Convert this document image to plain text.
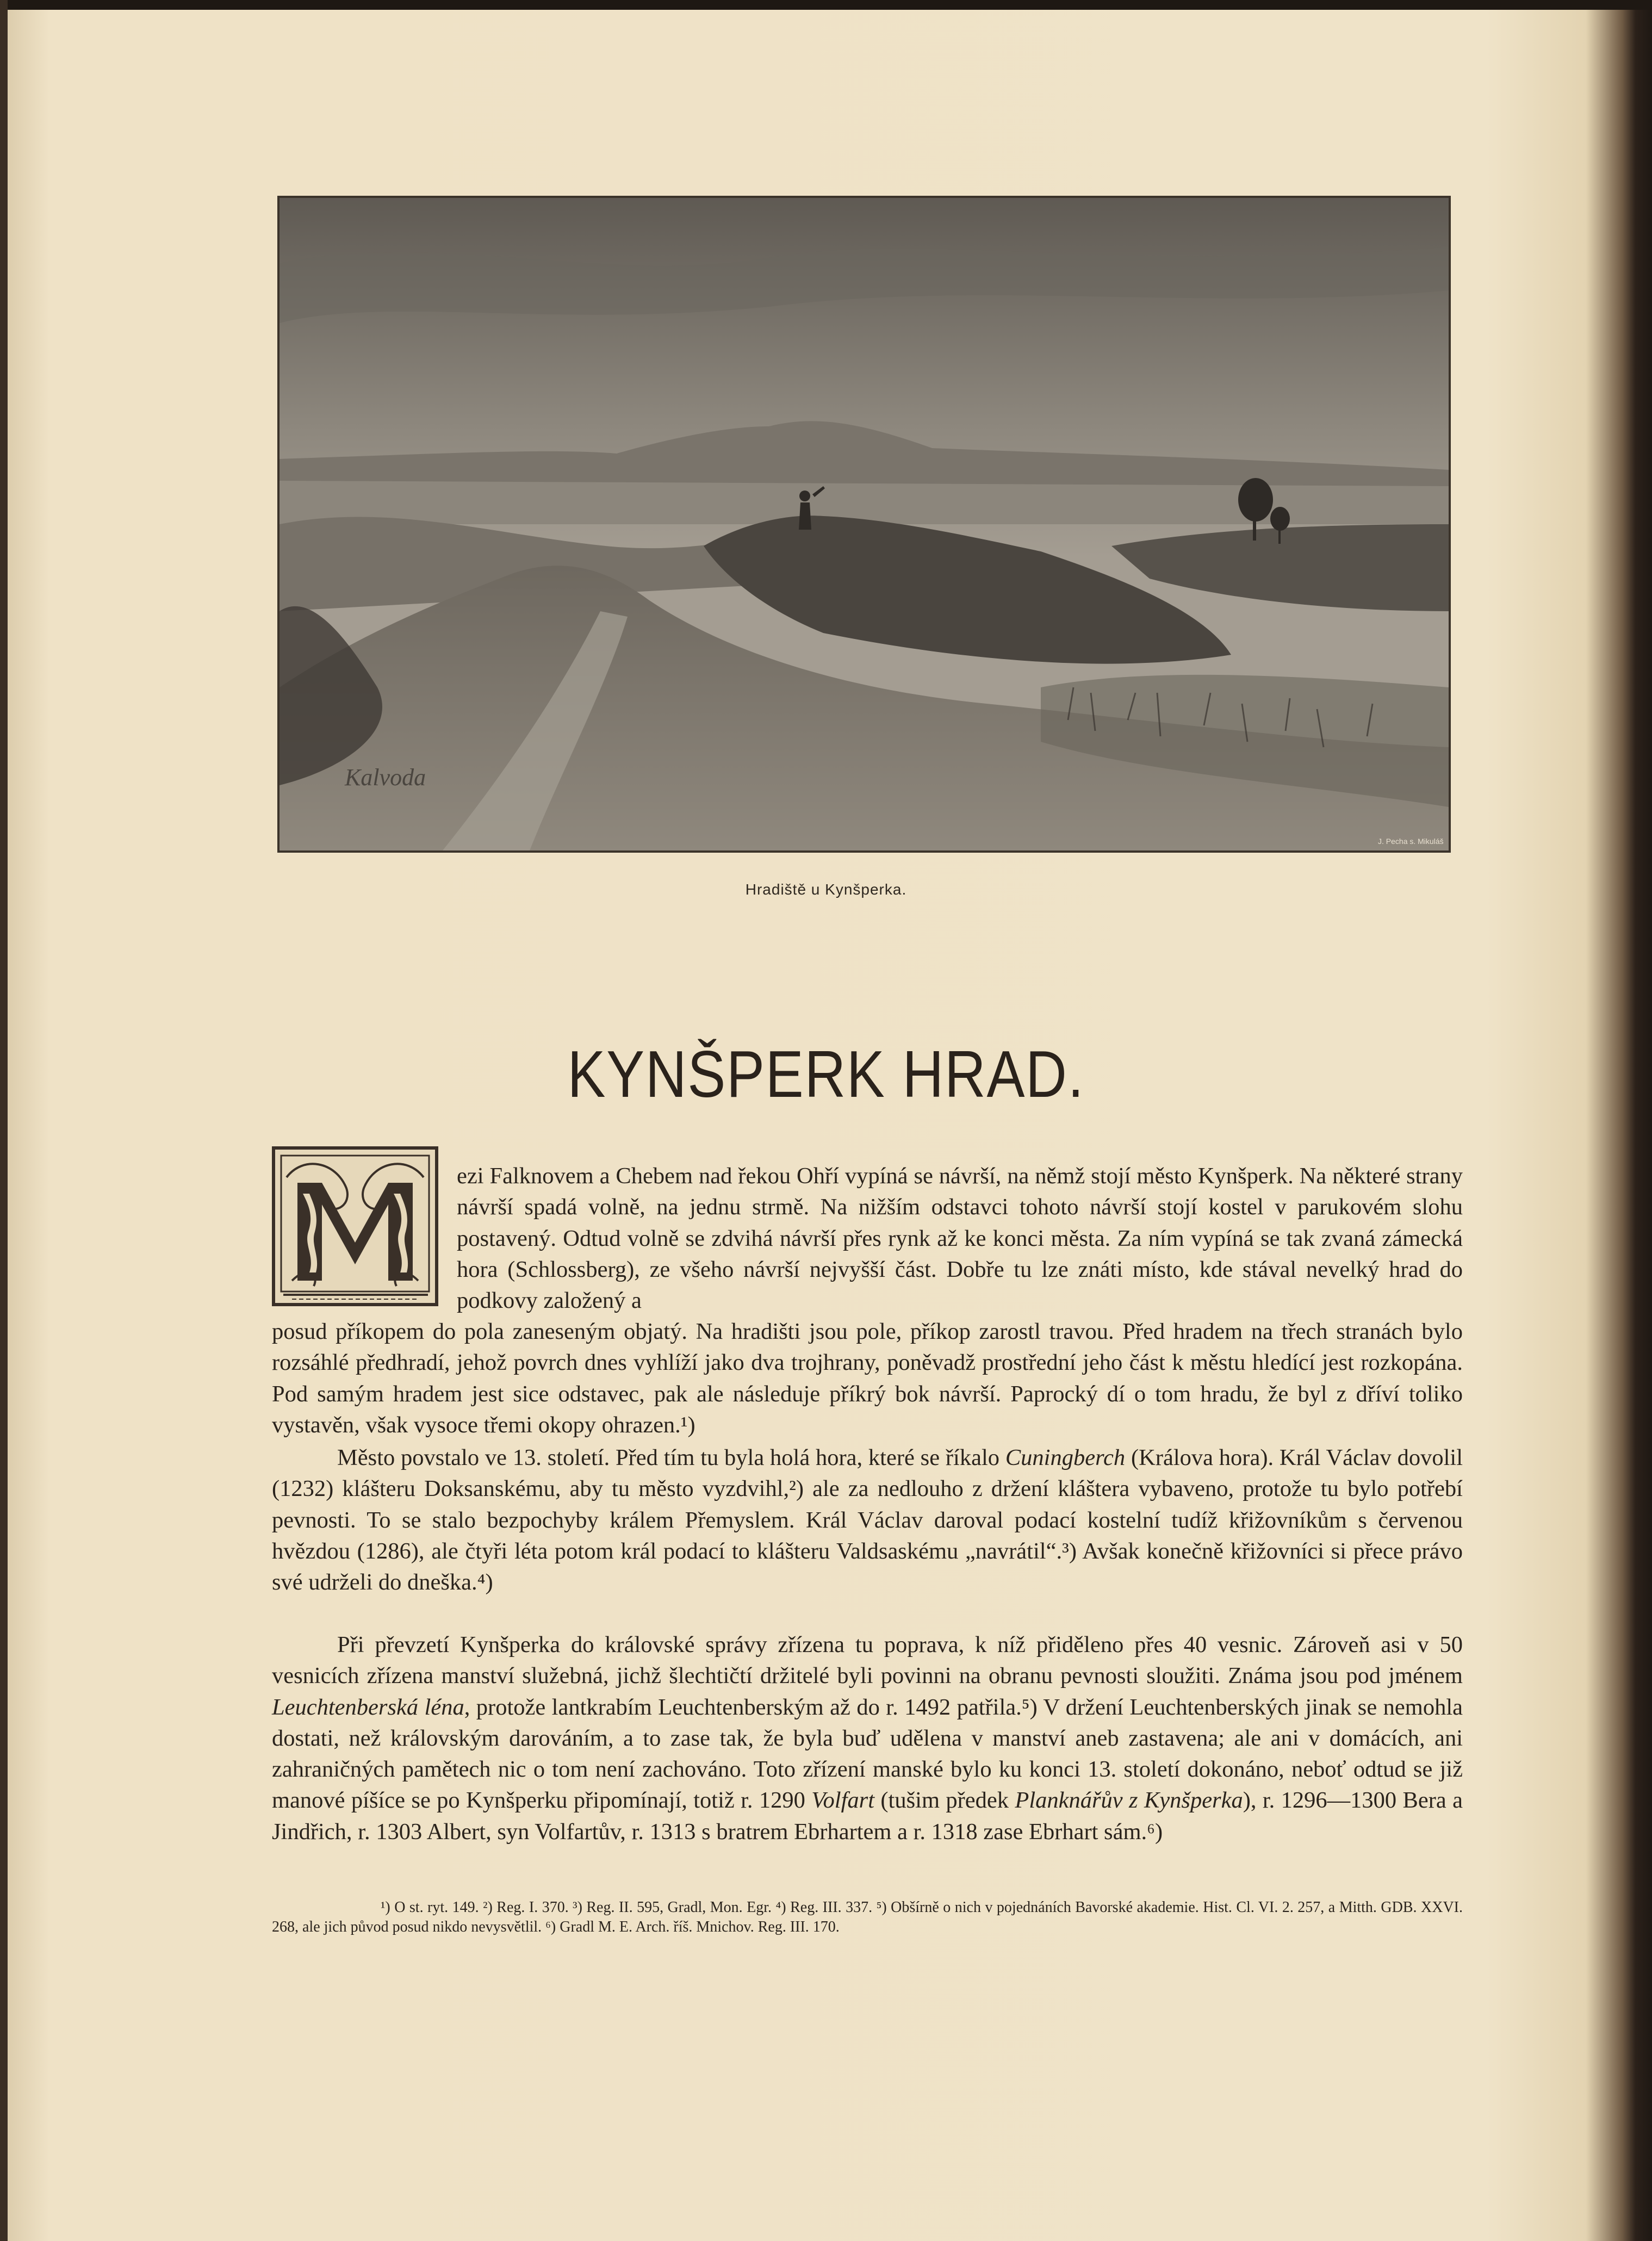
Kalvoda
J. Pecha s. Mikuláš
Hradiště u Kynšperka.
KYNŠPERK HRAD.
ezi Falknovem a Chebem nad řekou Ohří vypíná se návrší, na němž stojí město Kynšperk. Na některé strany návrší spadá volně, na jednu strmě. Na nižším odstavci tohoto návrší stojí kostel v parukovém slohu postavený. Odtud volně se zdvihá návrší přes rynk až ke konci města. Za ním vypíná se tak zvaná zámecká hora (Schlossberg), ze všeho návrší nejvyšší část. Dobře tu lze znáti místo, kde stával nevelký hrad do podkovy založený a
posud příkopem do pola zaneseným objatý. Na hradišti jsou pole, příkop zarostl travou. Před hradem na třech stranách bylo rozsáhlé předhradí, jehož povrch dnes vyhlíží jako dva trojhrany, poněvadž prostřední jeho část k městu hledící jest rozkopána. Pod samým hradem jest sice odstavec, pak ale následuje příkrý bok návrší. Paprocký dí o tom hradu, že byl z dříví toliko vystavěn, však vysoce třemi okopy ohrazen.¹)
Město povstalo ve 13. století. Před tím tu byla holá hora, které se říkalo Cuningberch (Králova hora). Král Václav dovolil (1232) klášteru Doksanskému, aby tu město vyzdvihl,²) ale za nedlouho z držení kláštera vybaveno, protože tu bylo potřebí pevnosti. To se stalo bezpochyby králem Přemyslem. Král Václav daroval podací kostelní tudíž křižovníkům s červenou hvězdou (1286), ale čtyři léta potom král podací to klášteru Valdsaskému „navrátil“.³) Avšak konečně křižovníci si přece právo své udrželi do dneška.⁴)
Při převzetí Kynšperka do královské správy zřízena tu poprava, k níž přiděleno přes 40 vesnic. Zároveň asi v 50 vesnicích zřízena manství služebná, jichž šlechtičtí držitelé byli povinni na obranu pevnosti sloužiti. Známa jsou pod jménem Leuchtenberská léna, protože lantkrabím Leuchtenberským až do r. 1492 patřila.⁵) V držení Leuchtenberských jinak se nemohla dostati, než královským darováním, a to zase tak, že byla buď udělena v manství aneb zastavena; ale ani v domácích, ani zahraničných pamětech nic o tom není zachováno. Toto zřízení manské bylo ku konci 13. století dokonáno, neboť odtud se již manové píšíce se po Kynšperku připomínají, totiž r. 1290 Volfart (tušim předek Planknářův z Kynšperka), r. 1296—1300 Bera a Jindřich, r. 1303 Albert, syn Volfartův, r. 1313 s bratrem Ebrhartem a r. 1318 zase Ebrhart sám.⁶)
¹) O st. ryt. 149. ²) Reg. I. 370. ³) Reg. II. 595, Gradl, Mon. Egr. ⁴) Reg. III. 337. ⁵) Obšírně o nich v pojednáních Bavorské akademie. Hist. Cl. VI. 2. 257, a Mitth. GDB. XXVI. 268, ale jich původ posud nikdo nevysvětlil. ⁶) Gradl M. E. Arch. říš. Mnichov. Reg. III. 170.
